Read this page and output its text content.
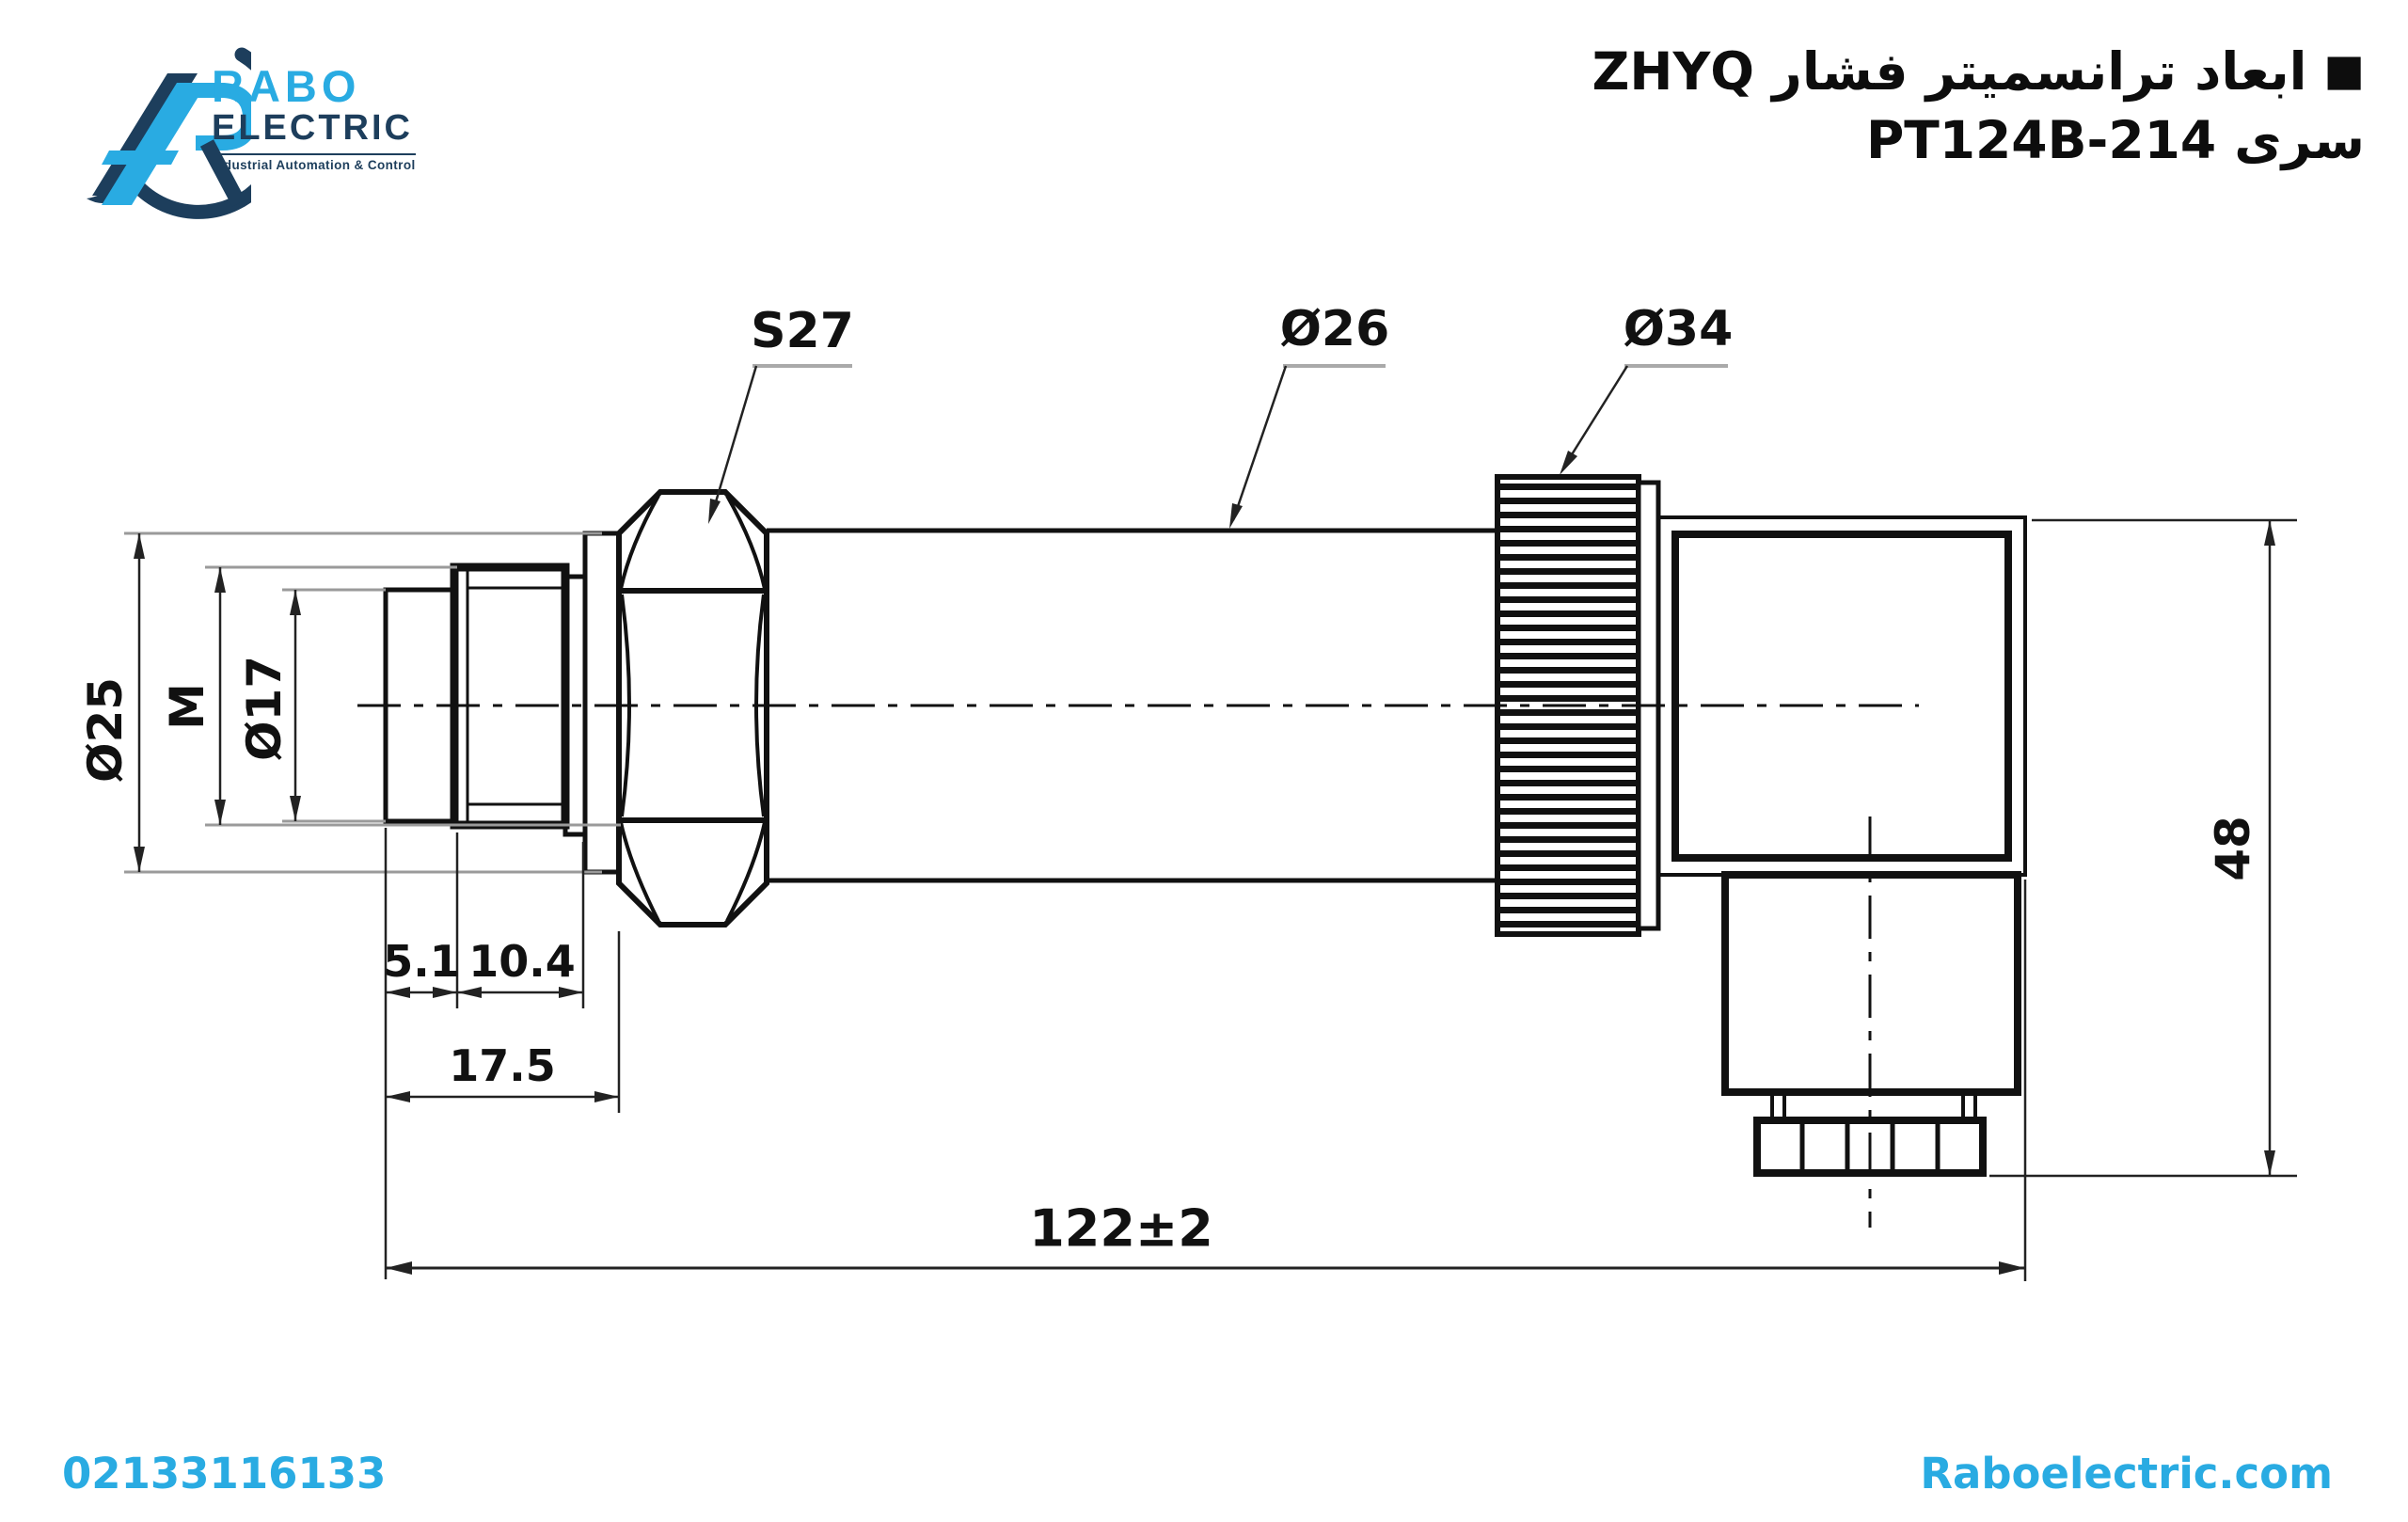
S27	Ø26	Ø34
Ø25 M Ø17
5.1 10.4
17.5
122±2
48
■ابعاد ترانسمیتر فشار ZHYQ
سری PT124B-214
RABO
ELECTRIC
Industrial Automation & Control
02133116133	Raboelectric.com
